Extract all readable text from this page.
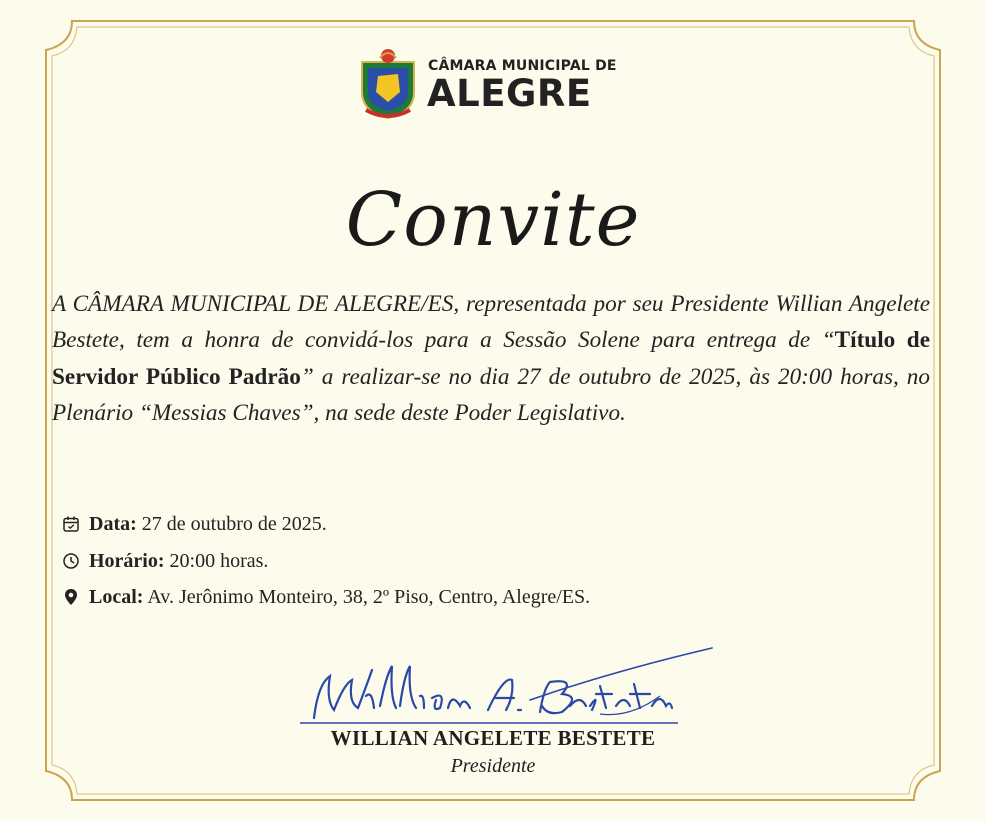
CÂMARA MUNICIPAL DE
ALEGRE
Convite
A CÂMARA MUNICIPAL DE ALEGRE/ES, representada por seu Presidente Willian Angelete Bestete, tem a honra de convidá-los para a Sessão Solene para entrega de “Título de Servidor Público Padrão” a realizar-se no dia 27 de outubro de 2025, às 20:00 horas, no Plenário “Messias Chaves”, na sede deste Poder Legislativo.
Data: 27 de outubro de 2025.
Horário: 20:00 horas.
Local: Av. Jerônimo Monteiro, 38, 2º Piso, Centro, Alegre/ES.
WILLIAN ANGELETE BESTETE
Presidente
